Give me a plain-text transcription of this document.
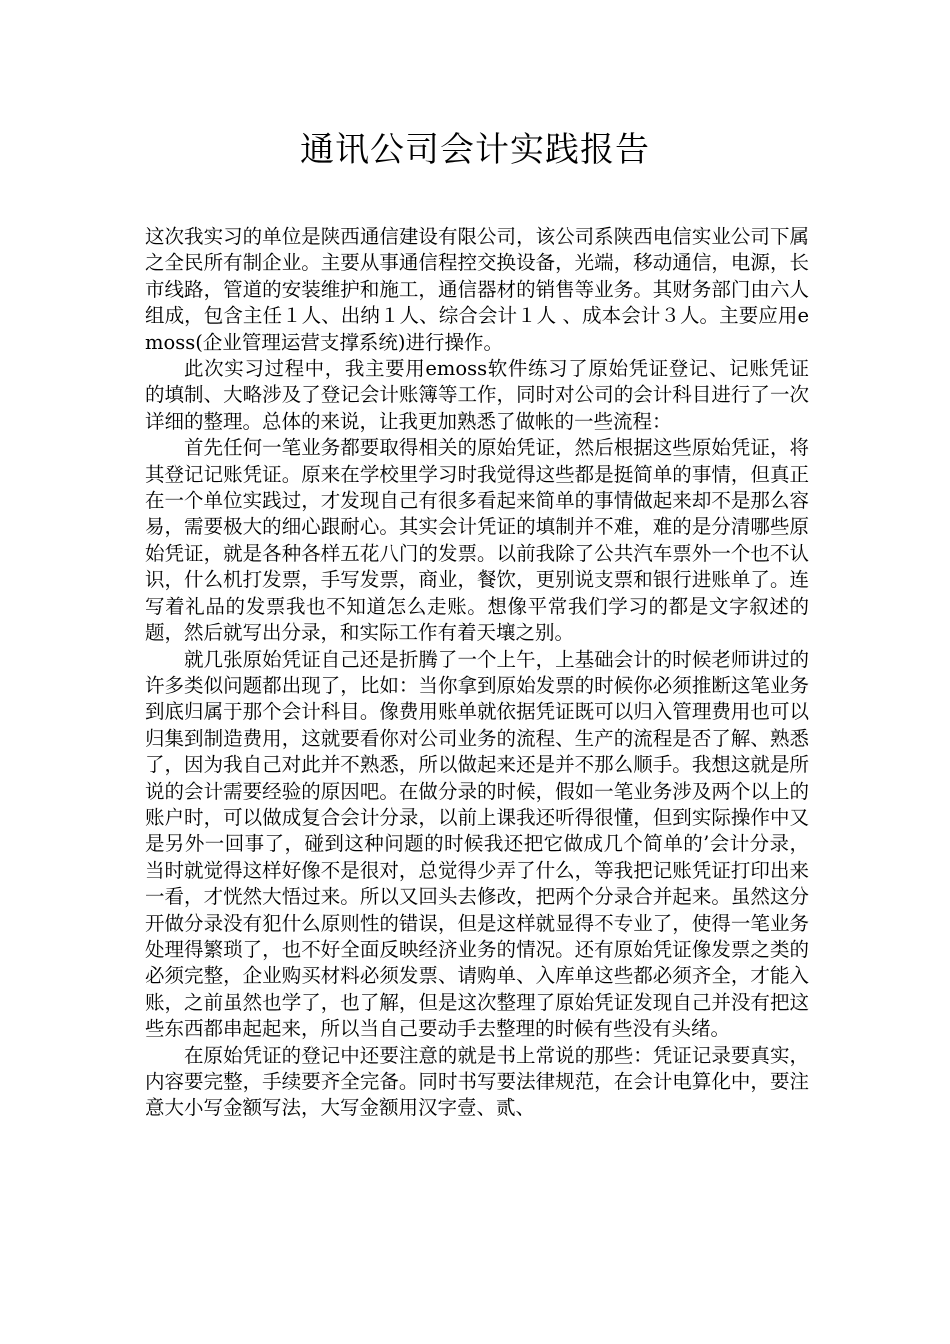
通讯公司会计实践报告

这次我实习的单位是陕西通信建设有限公司，该公司系陕西电信实业公司下属之全民所有制企业。主要从事通信程控交换设备，光端，移动通信，电源，长市线路，管道的安装维护和施工，通信器材的销售等业务。其财务部门由六人组成，包含主任１人、出纳１人、综合会计１人 、成本会计３人。主要应用emoss(企业管理运营支撑系统)进行操作。

此次实习过程中，我主要用emoss软件练习了原始凭证登记、记账凭证的填制、大略涉及了登记会计账簿等工作，同时对公司的会计科目进行了一次详细的整理。总体的来说，让我更加熟悉了做帐的一些流程：

首先任何一笔业务都要取得相关的原始凭证，然后根据这些原始凭证，将其登记记账凭证。原来在学校里学习时我觉得这些都是挺简单的事情，但真正在一个单位实践过，才发现自己有很多看起来简单的事情做起来却不是那么容易，需要极大的细心跟耐心。其实会计凭证的填制并不难，难的是分清哪些原始凭证，就是各种各样五花八门的发票。以前我除了公共汽车票外一个也不认识，什么机打发票，手写发票，商业，餐饮，更别说支票和银行进账单了。连写着礼品的发票我也不知道怎么走账。想像平常我们学习的都是文字叙述的题，然后就写出分录，和实际工作有着天壤之别。

就几张原始凭证自己还是折腾了一个上午，上基础会计的时候老师讲过的许多类似问题都出现了，比如：当你拿到原始发票的时候你必须推断这笔业务到底归属于那个会计科目。像费用账单就依据凭证既可以归入管理费用也可以归集到制造费用，这就要看你对公司业务的流程、生产的流程是否了解、熟悉了，因为我自己对此并不熟悉，所以做起来还是并不那么顺手。我想这就是所说的会计需要经验的原因吧。在做分录的时候，假如一笔业务涉及两个以上的账户时，可以做成复合会计分录，以前上课我还听得很懂，但到实际操作中又是另外一回事了，碰到这种问题的时候我还把它做成几个简单的’会计分录，当时就觉得这样好像不是很对，总觉得少弄了什么，等我把记账凭证打印出来一看，才恍然大悟过来。所以又回头去修改，把两个分录合并起来。虽然这分开做分录没有犯什么原则性的错误，但是这样就显得不专业了，使得一笔业务处理得繁琐了，也不好全面反映经济业务的情况。还有原始凭证像发票之类的必须完整，企业购买材料必须发票、请购单、入库单这些都必须齐全，才能入账，之前虽然也学了，也了解，但是这次整理了原始凭证发现自己并没有把这些东西都串起起来，所以当自己要动手去整理的时候有些没有头绪。

在原始凭证的登记中还要注意的就是书上常说的那些：凭证记录要真实，内容要完整，手续要齐全完备。同时书写要法律规范，在会计电算化中，要注意大小写金额写法，大写金额用汉字壹、贰、
